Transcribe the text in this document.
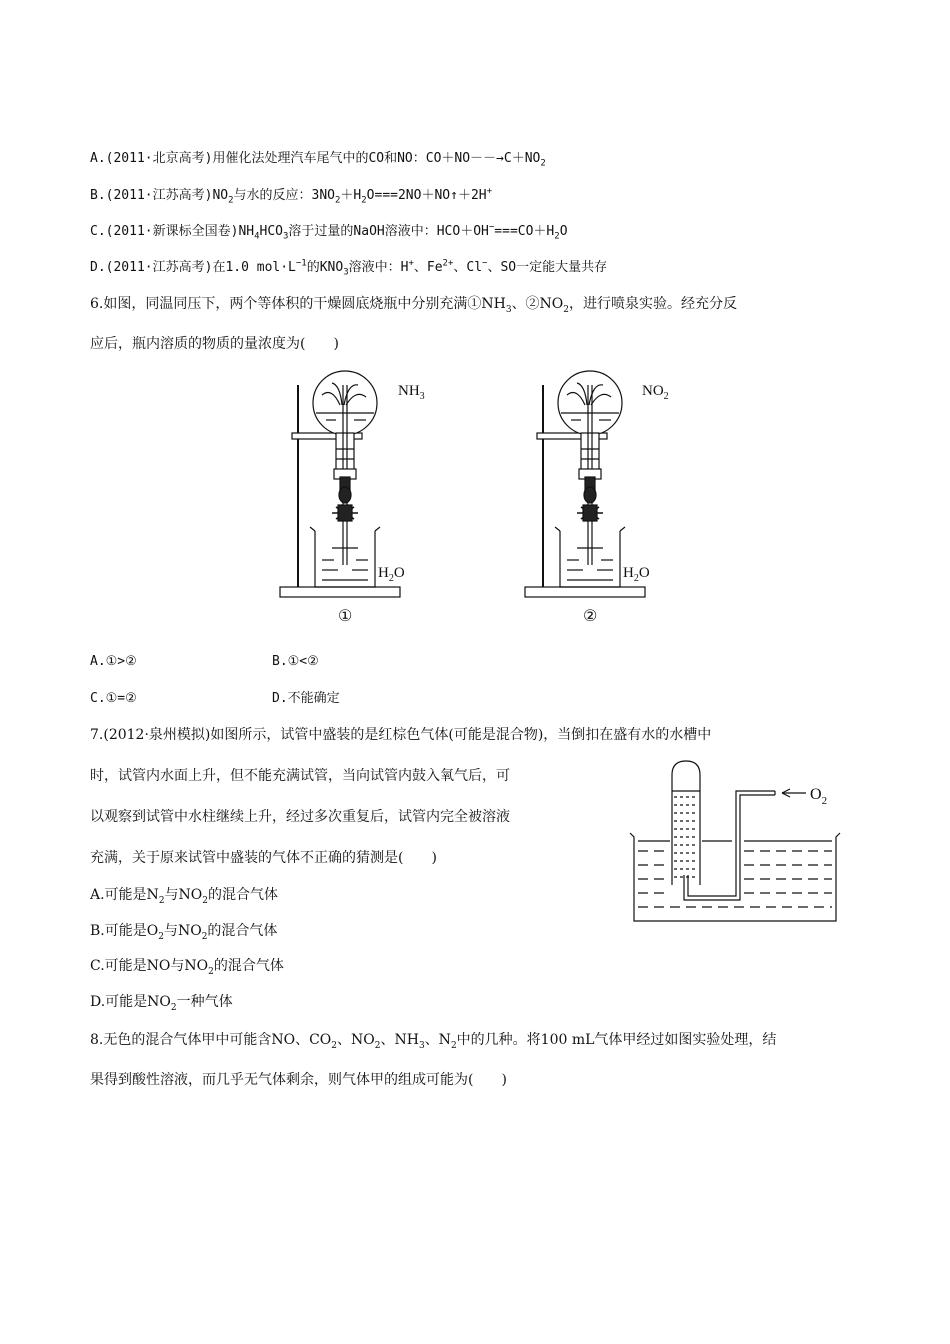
A.(2011·北京高考)用催化法处理汽车尾气中的CO和NO：$CO+NO--\to C+NO_2$
B.(2011·江苏高考)$NO_2$与水的反应：$3NO_2+H_2O===2NO+NO↑+2H^+$
C.(2011·新课标全国卷)$NH_4HCO_3$溶于过量的NaOH溶液中：$HCO+OH^-===CO+H_2O$
D.(2011·江苏高考)在1.0 $mol\cdot L^{-1}$的$KNO_3$溶液中：H+、$Fe^{2+}$、Cl−、SO一定能大量共存
6.如图，同温同压下，两个等体积的干燥圆底烧瓶中分别充满$①NH_3$、$②NO_2$，进行喷泉实验。经充分反
应后，瓶内溶质的物质的量浓度为(　　)
$NH_3$
$H_2O$
①
$NO_2$
$H_2O$
②
A.①>②	B.①<②
C.①=②	D.不能确定
7.(2012·泉州模拟)如图所示，试管中盛装的是红棕色气体(可能是混合物)，当倒扣在盛有水的水槽中
时，试管内水面上升，但不能充满试管，当向试管内鼓入氧气后，可
以观察到试管中水柱继续上升，经过多次重复后，试管内完全被溶液
充满，关于原来试管中盛装的气体不正确的猜测是(　　)
$O_2$
A.可能是$N_2$与$NO_2$的混合气体
B.可能是$O_2$与$NO_2$的混合气体
C.可能是NO与$NO_2$的混合气体
D.可能是$NO_2$一种气体
8.无色的混合气体甲中可能含NO、$CO_2$、$NO_2$、$NH_3$、$N_2$中的几种。将100 mL气体甲经过如图实验处理，结
果得到酸性溶液，而几乎无气体剩余，则气体甲的组成可能为(　　)
